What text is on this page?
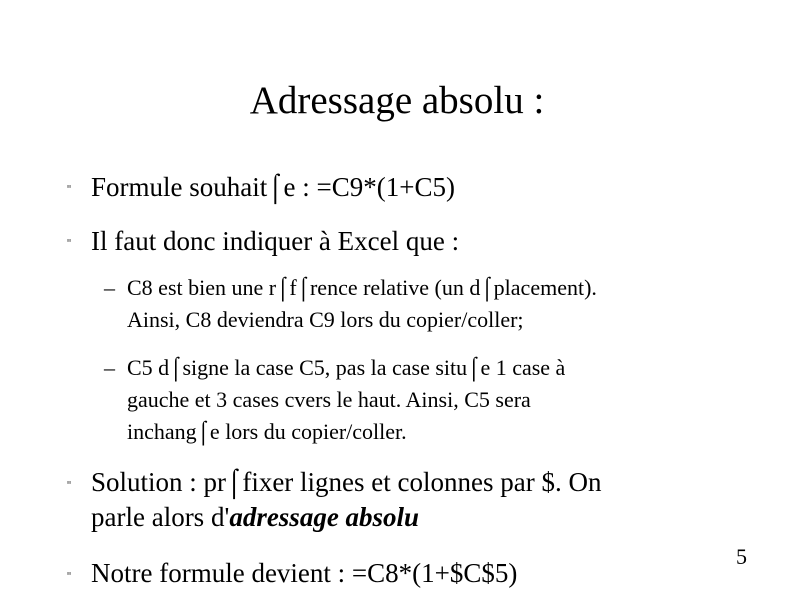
Adressage absolu :
" Formule souhait⌠e : =C9*(1+C5)
" Il faut donc indiquer à Excel que :
– C8 est bien une r⌠f⌠rence relative (un d⌠placement).
Ainsi, C8 deviendra C9 lors du copier/coller;
– C5 d⌠signe la case C5, pas la case situ⌠e 1 case à
gauche et 3 cases cvers le haut. Ainsi, C5 sera
inchang⌠e lors du copier/coller.
" Solution : pr⌠fixer lignes et colonnes par $. On
parle alors d'adressage absolu
" Notre formule devient : =C8*(1+$C$5)
5
